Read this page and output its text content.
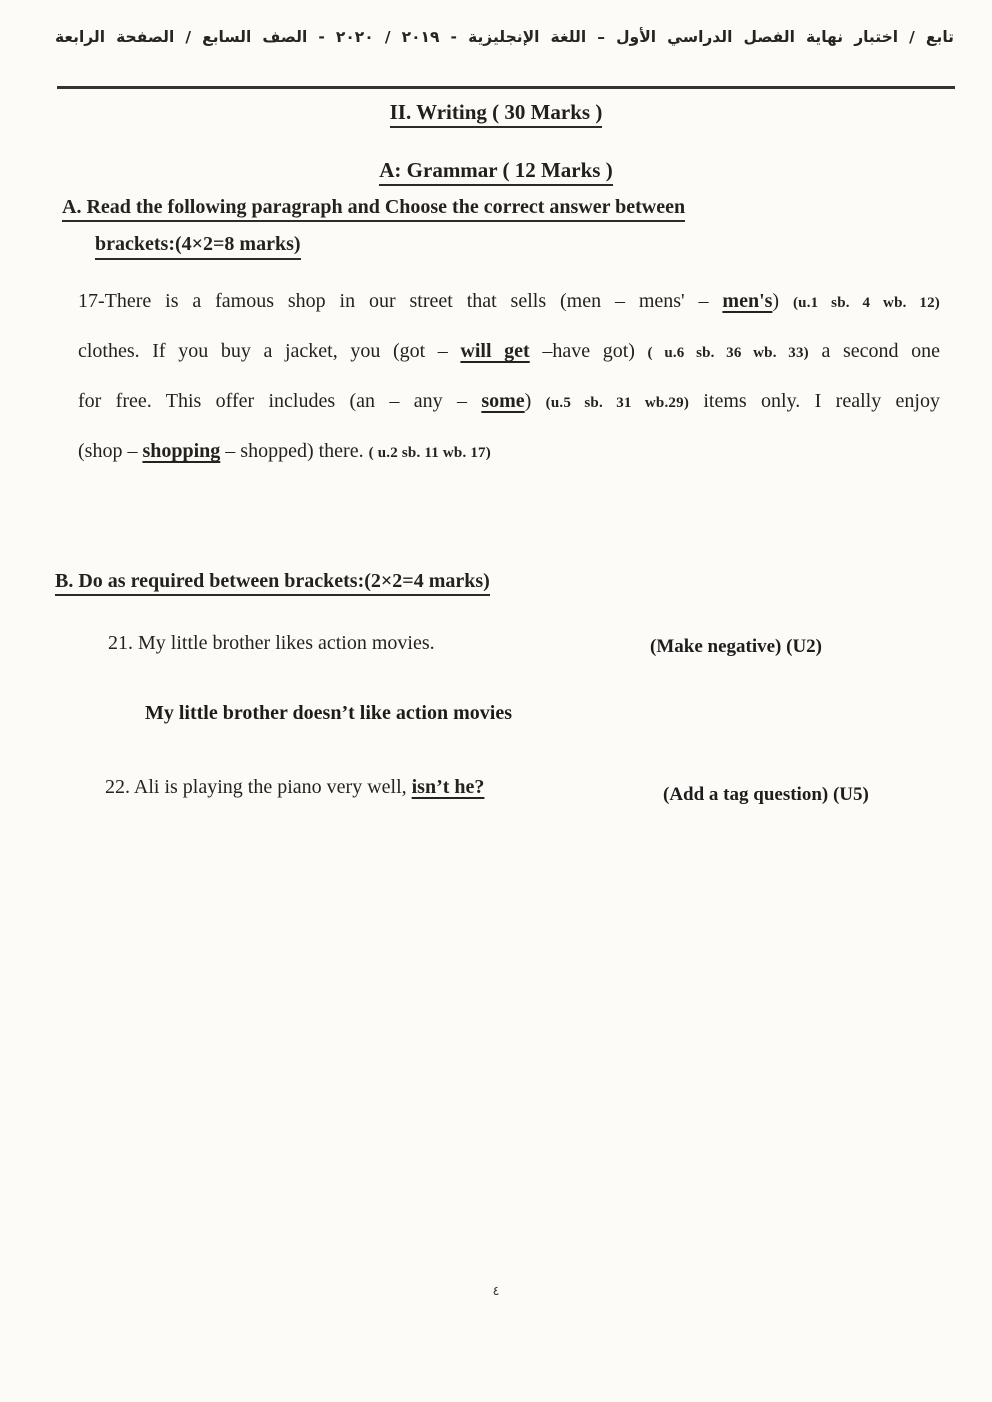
تابع / اختبار نهاية الفصل الدراسي الأول – اللغة الإنجليزية - ٢٠١٩ / ٢٠٢٠ - الصف السابع / الصفحة الرابعة
II. Writing ( 30 Marks )
A: Grammar ( 12 Marks )
A. Read the following paragraph and Choose the correct answer between
brackets:(4×2=8 marks)
17-There is a famous shop in our street that sells (men – mens' – men's) (u.1 sb. 4 wb. 12)
clothes. If you buy a jacket, you (got – will get –have got) ( u.6 sb. 36 wb. 33) a second one
for free. This offer includes (an – any – some) (u.5 sb. 31 wb.29) items only. I really enjoy
(shop – shopping – shopped) there. ( u.2 sb. 11 wb. 17)
B. Do as required between brackets:(2×2=4 marks)
21. My little brother likes action movies.	(Make negative) (U2)
My little brother doesn’t like action movies
22. Ali is playing the piano very well, isn’t he?	(Add a tag question) (U5)
٤
